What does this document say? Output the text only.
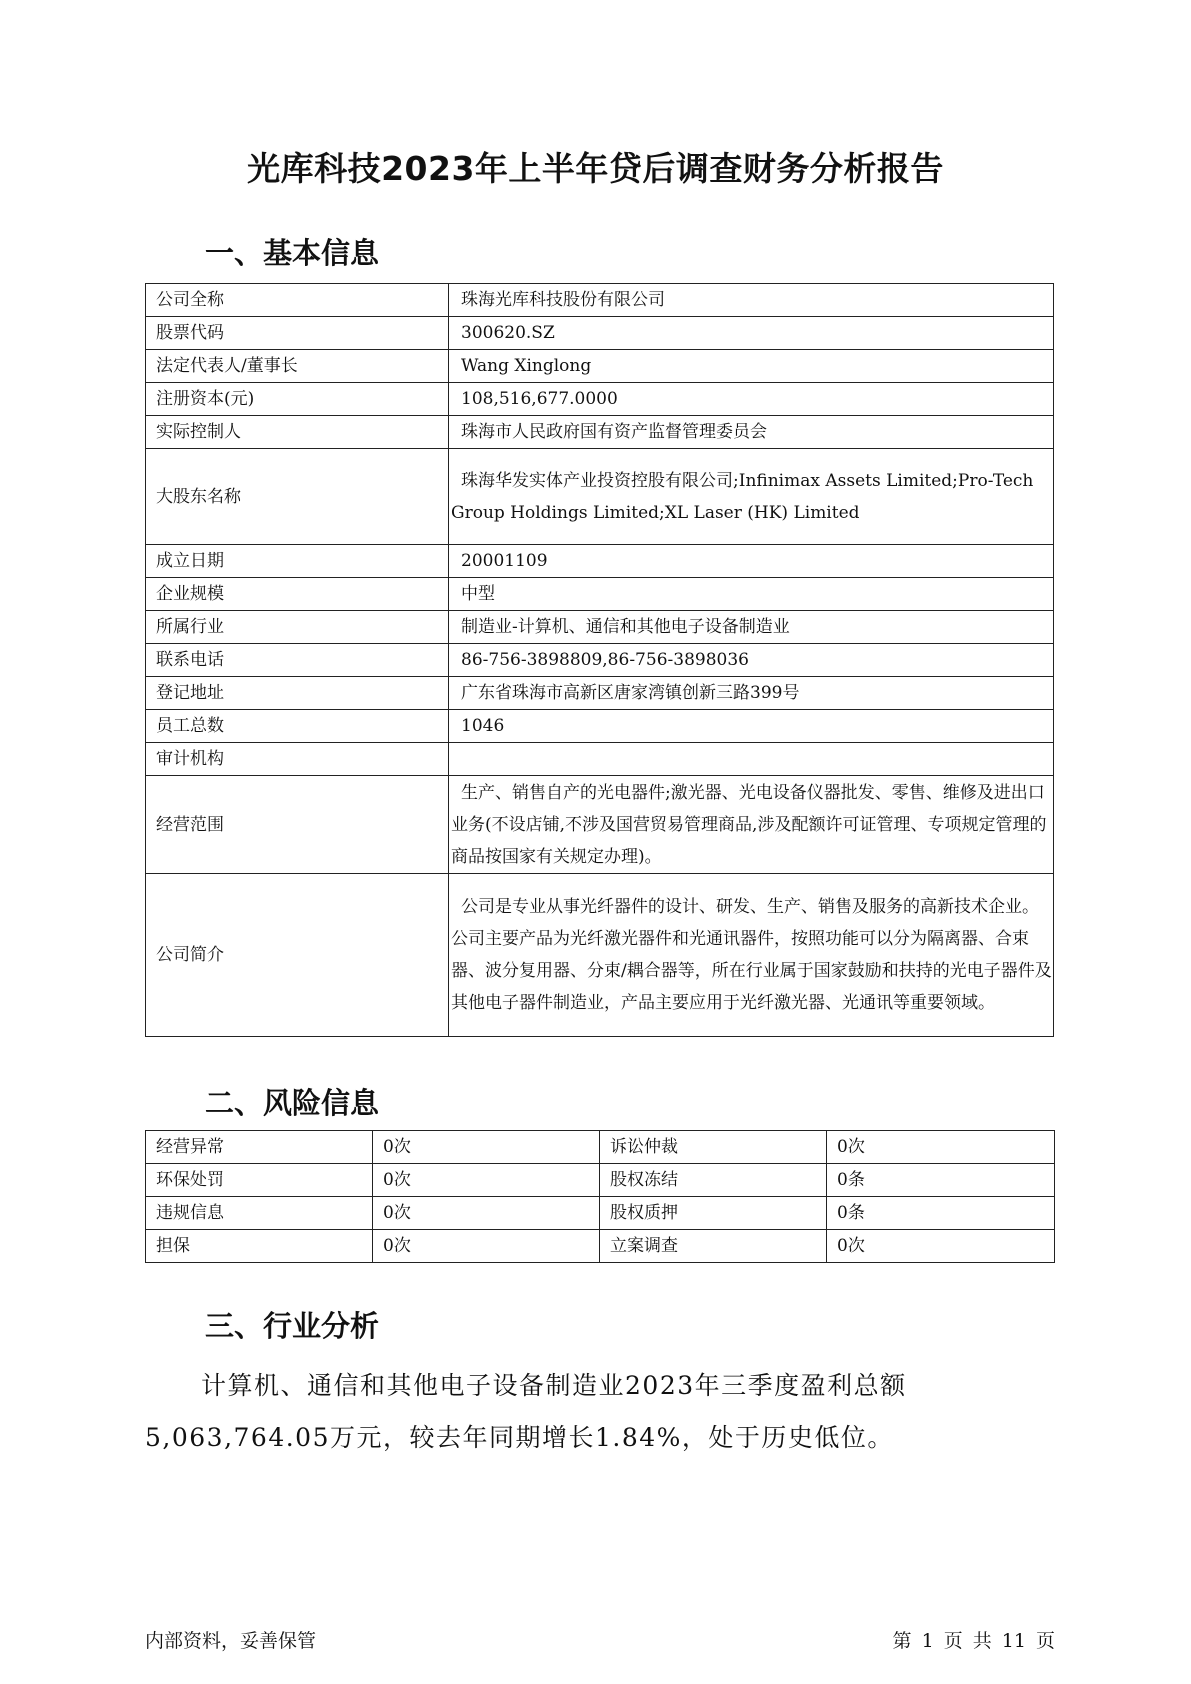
光库科技2023年上半年贷后调查财务分析报告
一、基本信息
公司全称	珠海光库科技股份有限公司
股票代码	300620.SZ
法定代表人/董事长	Wang Xinglong
注册资本(元)	108,516,677.0000
实际控制人	珠海市人民政府国有资产监督管理委员会
大股东名称	珠海华发实体产业投资控股有限公司;Infinimax Assets Limited;Pro-Tech Group Holdings Limited;XL Laser (HK) Limited

成立日期	20001109
企业规模	中型
所属行业	制造业-计算机、通信和其他电子设备制造业
联系电话	86-756-3898809,86-756-3898036
登记地址	广东省珠海市高新区唐家湾镇创新三路399号
员工总数	1046
审计机构	
经营范围	生产、销售自产的光电器件;激光器、光电设备仪器批发、零售、维修及进出口业务(不设店铺,不涉及国营贸易管理商品,涉及配额许可证管理、专项规定管理的商品按国家有关规定办理)。

公司简介	公司是专业从事光纤器件的设计、研发、生产、销售及服务的高新技术企业。公司主要产品为光纤激光器件和光通讯器件，按照功能可以分为隔离器、合束器、波分复用器、分束/耦合器等，所在行业属于国家鼓励和扶持的光电子器件及其他电子器件制造业，产品主要应用于光纤激光器、光通讯等重要领域。
二、风险信息
经营异常	0次	诉讼仲裁	0次
环保处罚	0次	股权冻结	0条
违规信息	0次	股权质押	0条
担保	0次	立案调查	0次
三、行业分析
计算机、通信和其他电子设备制造业2023年三季度盈利总额5,063,764.05万元，较去年同期增长1.84%，处于历史低位。
内部资料，妥善保管	第 1 页 共 11 页
